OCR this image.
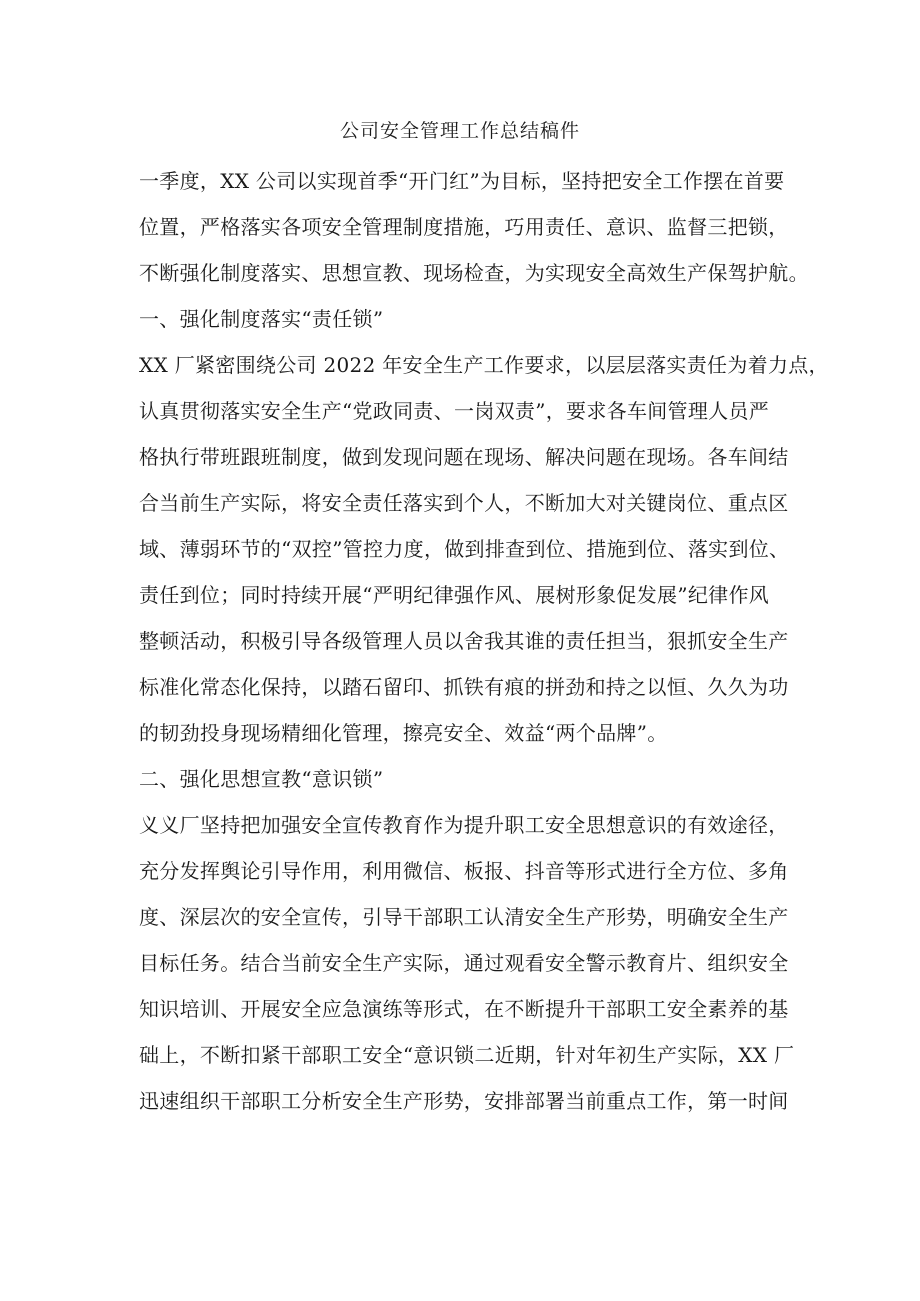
公司安全管理工作总结稿件
一季度，XX 公司以实现首季“开门红”为目标，坚持把安全工作摆在首要
位置，严格落实各项安全管理制度措施，巧用责任、意识、监督三把锁，
不断强化制度落实、思想宣教、现场检查，为实现安全高效生产保驾护航。
一、强化制度落实“责任锁”
XX 厂紧密围绕公司 2022 年安全生产工作要求，以层层落实责任为着力点，
认真贯彻落实安全生产“党政同责、一岗双责”，要求各车间管理人员严
格执行带班跟班制度，做到发现问题在现场、解决问题在现场。各车间结
合当前生产实际，将安全责任落实到个人，不断加大对关键岗位、重点区
域、薄弱环节的“双控”管控力度，做到排查到位、措施到位、落实到位、
责任到位；同时持续开展“严明纪律强作风、展树形象促发展”纪律作风
整顿活动，积极引导各级管理人员以舍我其谁的责任担当，狠抓安全生产
标准化常态化保持，以踏石留印、抓铁有痕的拼劲和持之以恒、久久为功
的韧劲投身现场精细化管理，擦亮安全、效益“两个品牌”。
二、强化思想宣教“意识锁”
义义厂坚持把加强安全宣传教育作为提升职工安全思想意识的有效途径，
充分发挥舆论引导作用，利用微信、板报、抖音等形式进行全方位、多角
度、深层次的安全宣传，引导干部职工认清安全生产形势，明确安全生产
目标任务。结合当前安全生产实际，通过观看安全警示教育片、组织安全
知识培训、开展安全应急演练等形式，在不断提升干部职工安全素养的基
础上，不断扣紧干部职工安全“意识锁二近期，针对年初生产实际，XX 厂
迅速组织干部职工分析安全生产形势，安排部署当前重点工作，第一时间
